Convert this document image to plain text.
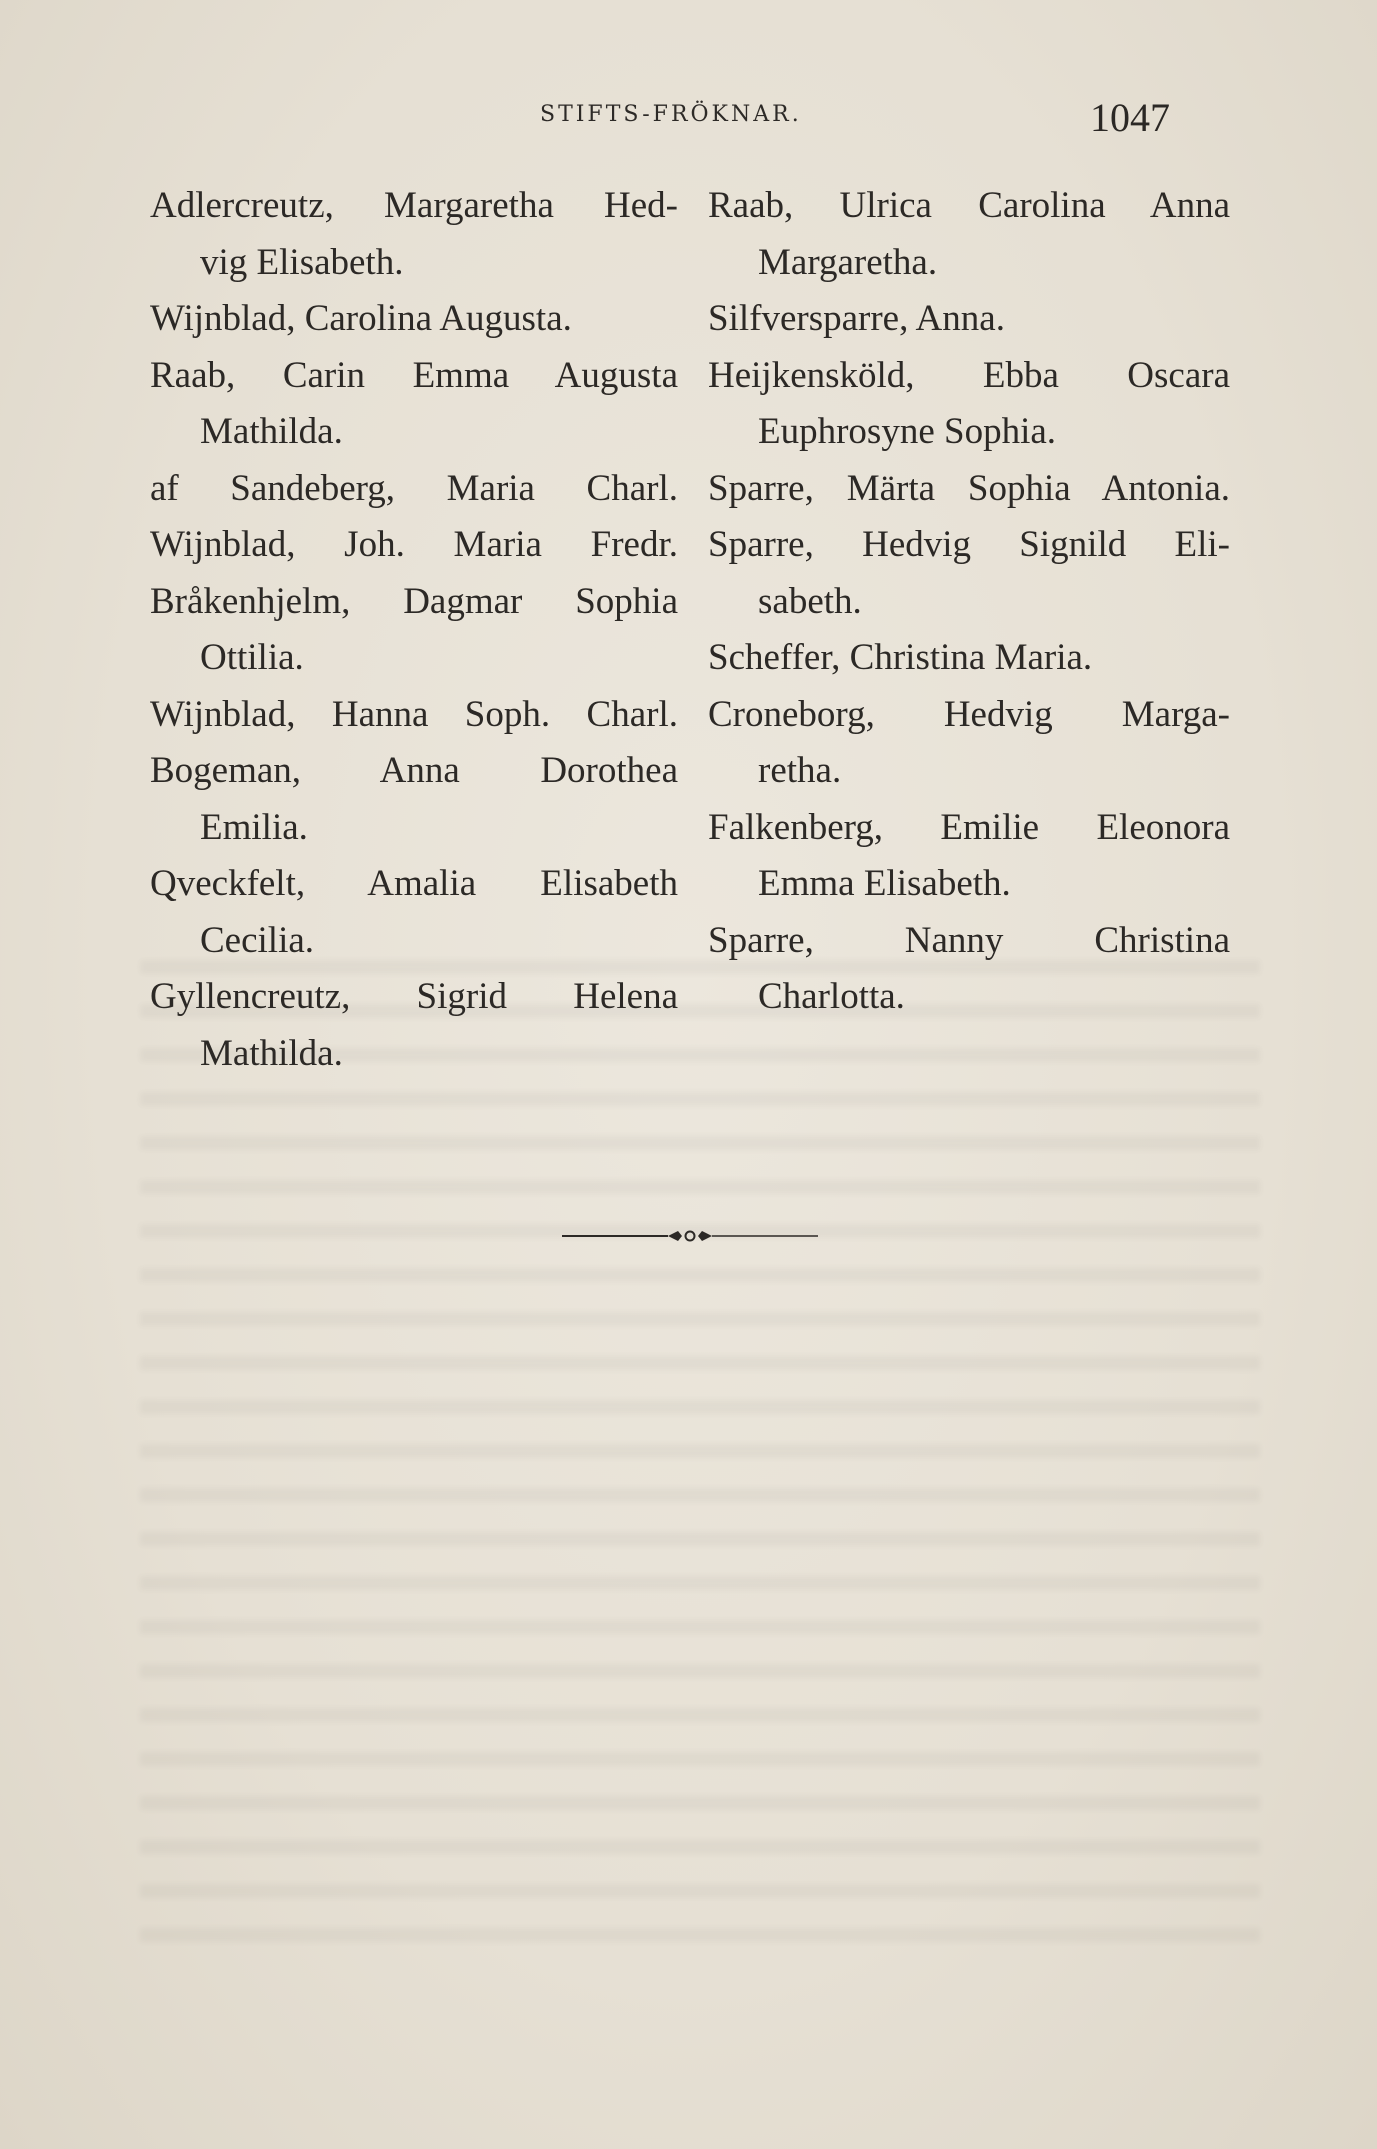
STIFTS-FRÖKNAR.	1047
Adlercreutz, Margaretha Hed-
vig Elisabeth.
Wijnblad, Carolina Augusta.
Raab, Carin Emma Augusta
Mathilda.
af Sandeberg, Maria Charl.
Wijnblad, Joh. Maria Fredr.
Bråkenhjelm, Dagmar Sophia
Ottilia.
Wijnblad, Hanna Soph. Charl.
Bogeman, Anna Dorothea
Emilia.
Qveckfelt, Amalia Elisabeth
Cecilia.
Gyllencreutz, Sigrid Helena
Mathilda.
Raab, Ulrica Carolina Anna
Margaretha.
Silfversparre, Anna.
Heijkensköld, Ebba Oscara
Euphrosyne Sophia.
Sparre, Märta Sophia Antonia.
Sparre, Hedvig Signild Eli-
sabeth.
Scheffer, Christina Maria.
Croneborg, Hedvig Marga-
retha.
Falkenberg, Emilie Eleonora
Emma Elisabeth.
Sparre, Nanny Christina
Charlotta.
